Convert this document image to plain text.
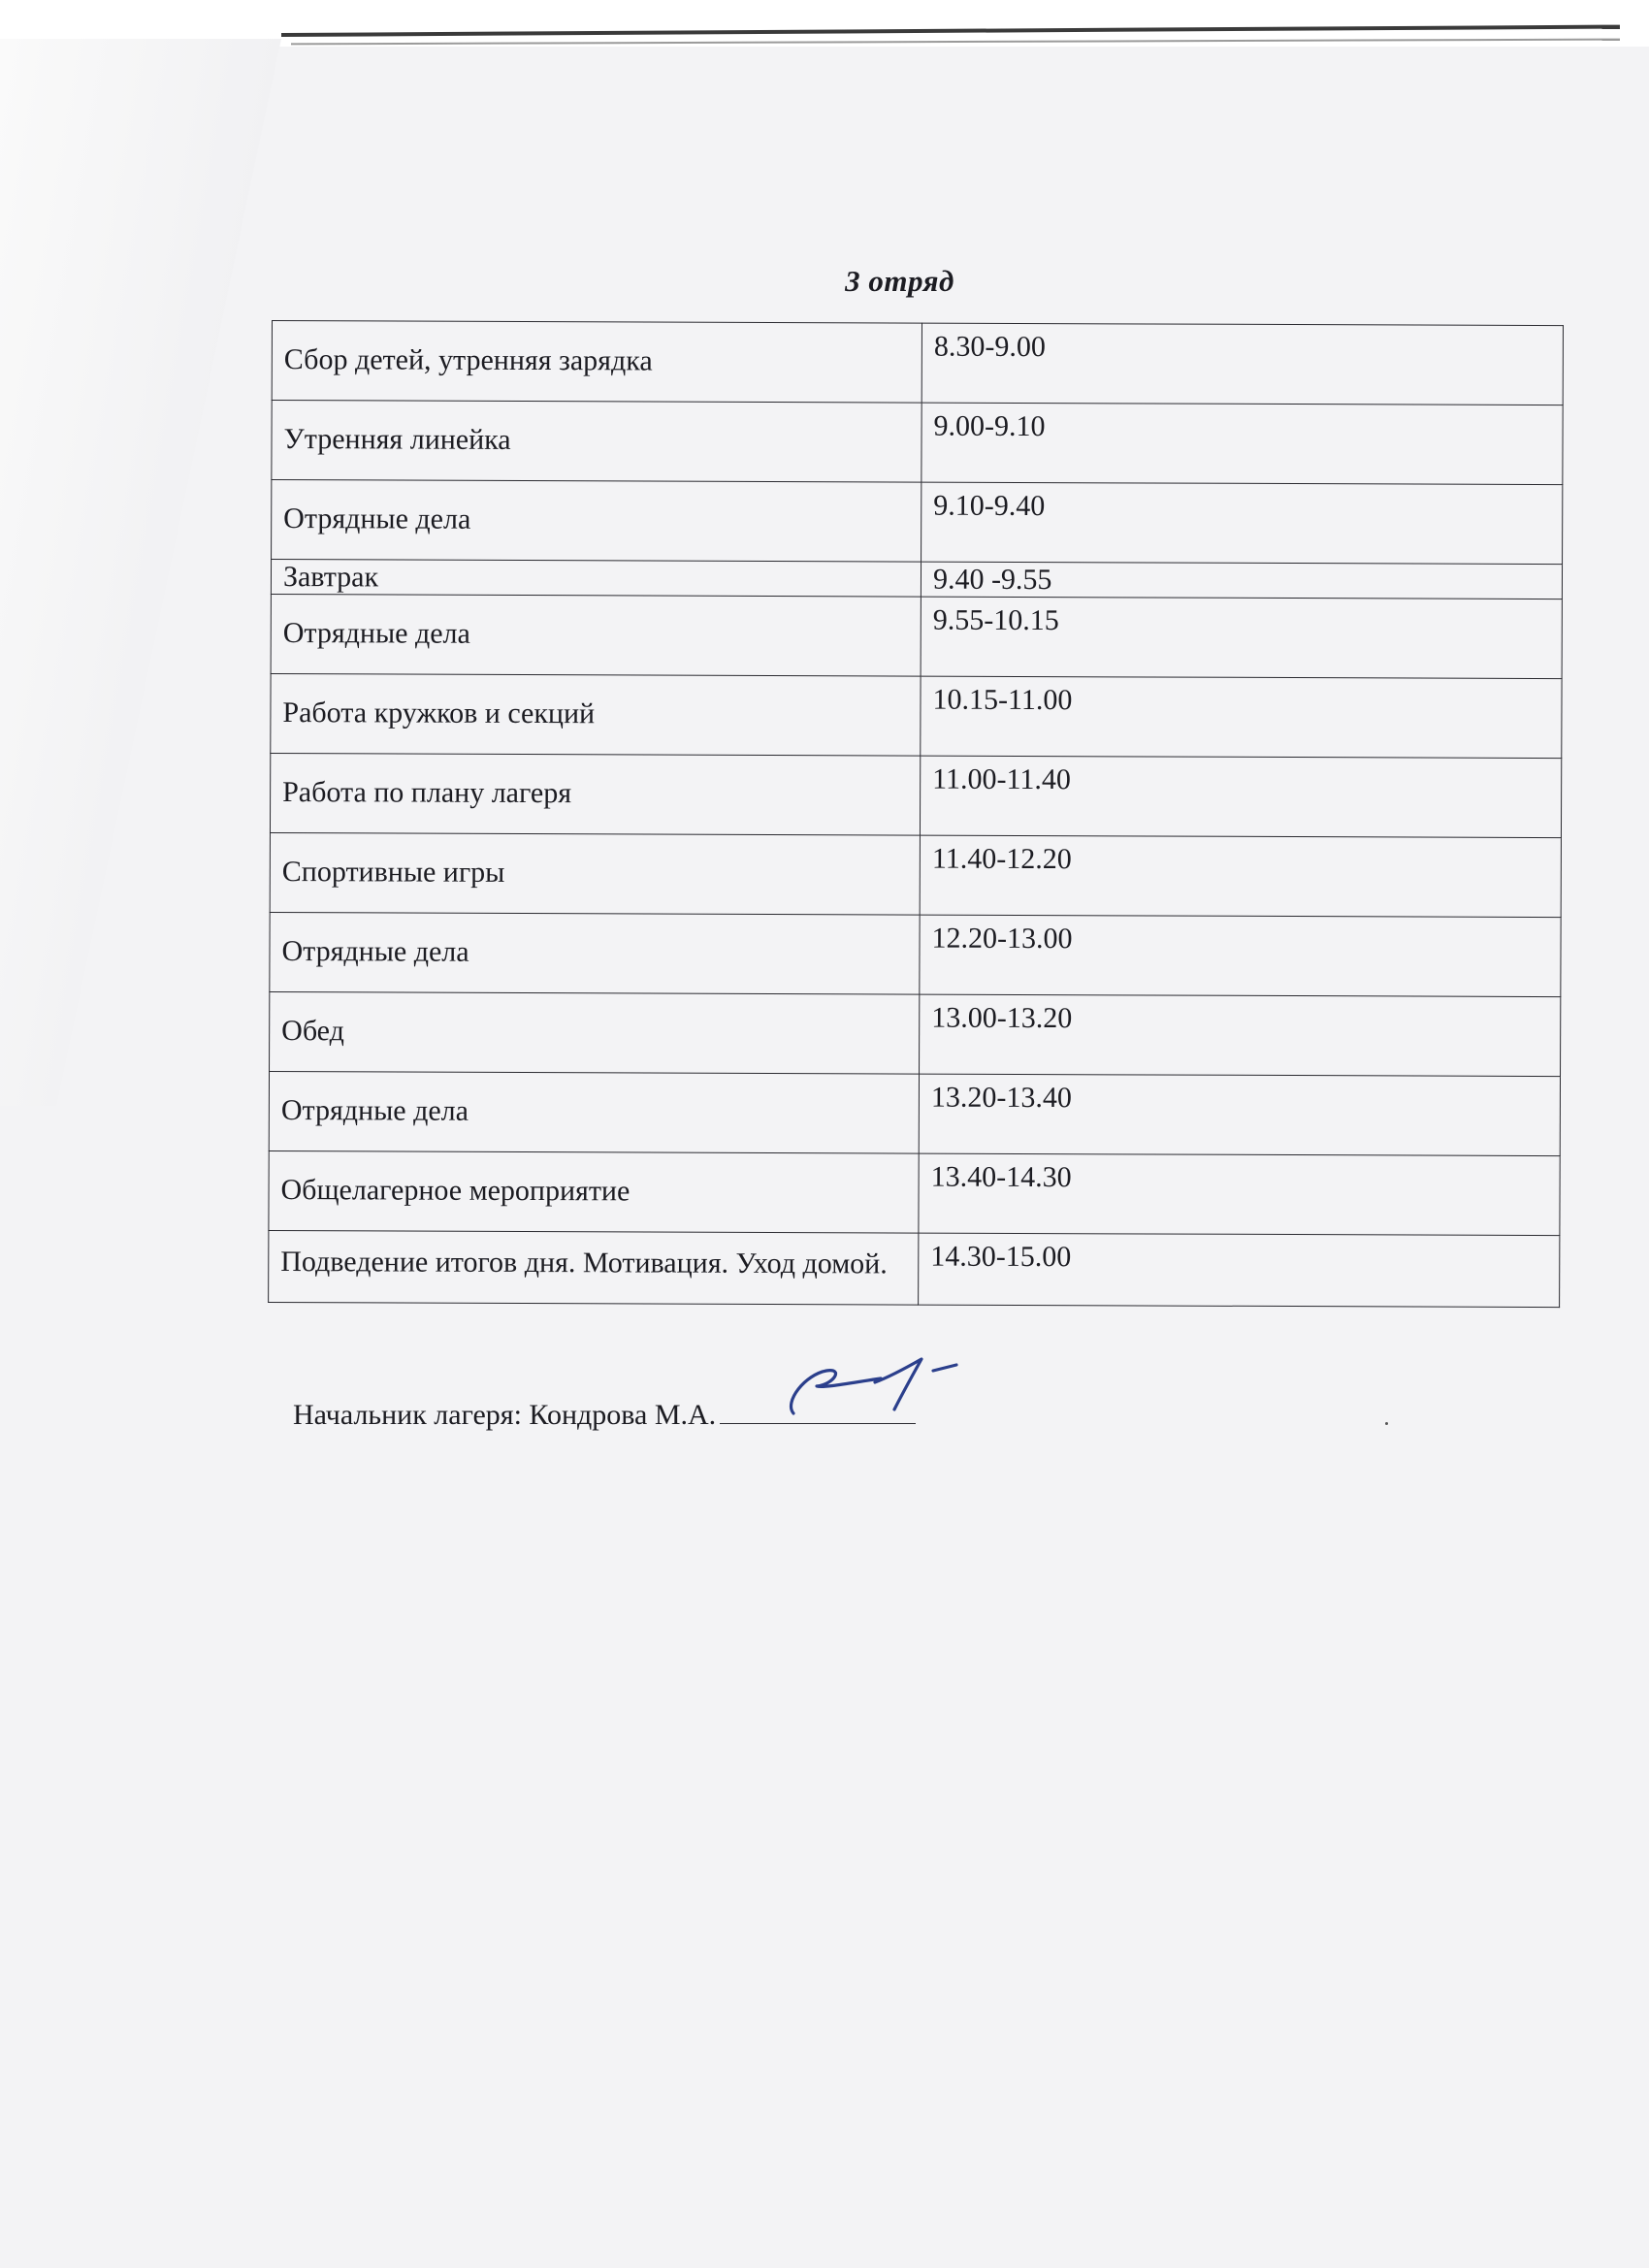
3 отряд
Сбор детей, утренняя зарядка	8.30-9.00
Утренняя линейка	9.00-9.10
Отрядные дела	9.10-9.40
Завтрак	9.40 -9.55
Отрядные дела	9.55-10.15
Работа кружков и секций	10.15-11.00
Работа по плану лагеря	11.00-11.40
Спортивные игры	11.40-12.20
Отрядные дела	12.20-13.00
Обед	13.00-13.20
Отрядные дела	13.20-13.40
Общелагерное мероприятие	13.40-14.30
Подведение итогов дня. Мотивация. Уход домой.	14.30-15.00
Начальник лагеря: Кондрова М.А.
